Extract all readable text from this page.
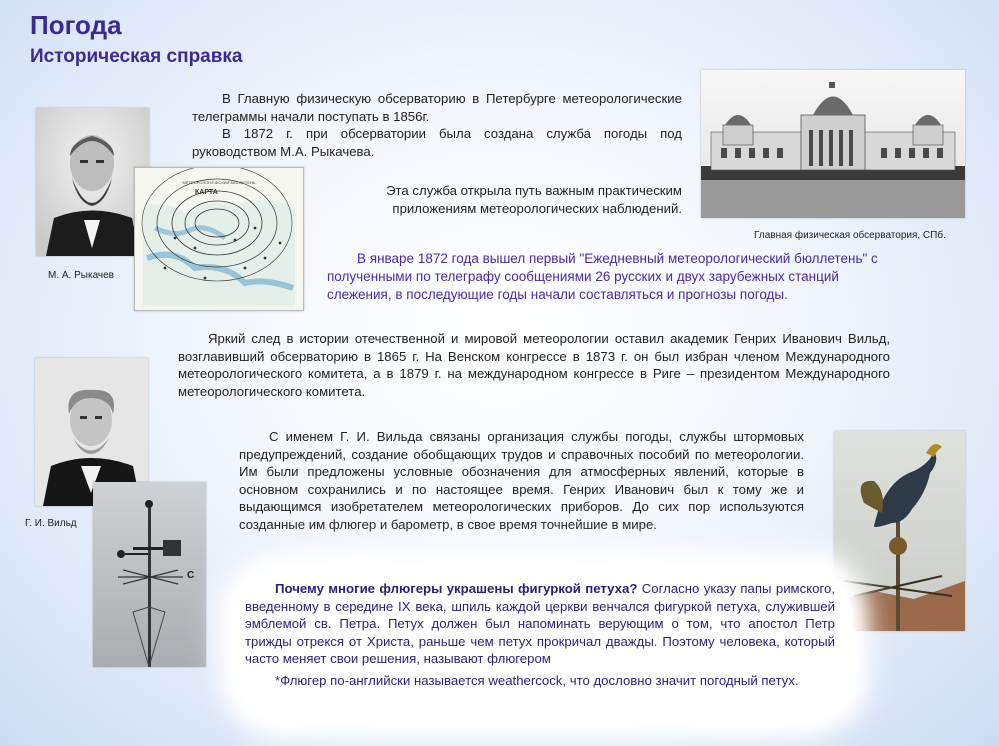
Погода
Историческая справка
М. А. Рыкачев
МЕТЕОРОЛОГИЧЕСКИЙ БЮЛЛЕТЕНЬ
КАРТА

В Главную физическую обсерваторию в Петербурге метеорологические телеграммы начали поступать в 1856г.

В 1872 г. при обсерватории была создана служба погоды под руководством М.А. Рыкачева.

Эта служба открыла путь важным практическим приложениям метеорологических наблюдений.
Главная физическая обсерватория, СПб.

В январе 1872 года вышел первый "Ежедневный метеорологический бюллетень" с полученными по телеграфу сообщениями 26 русских и двух зарубежных станций слежения, в последующие годы начали составляться и прогнозы погоды.

Яркий след в истории отечественной и мировой метеорологии оставил академик Генрих Иванович Вильд, возглавивший обсерваторию в 1865 г. На Венском конгрессе в 1873 г. он был избран членом Международного метеорологического комитета, а в 1879 г. на международном конгрессе в Риге – президентом Международного метеорологического комитета.

Г. И. Вильд
C

С именем Г. И. Вильда связаны организация службы погоды, службы штормовых предупреждений, создание обобщающих трудов и справочных пособий по метеорологии. Им были предложены условные обозначения для атмосферных явлений, которые в основном сохранились и по настоящее время. Генрих Иванович был к тому же и выдающимся изобретателем метеорологических приборов. До сих пор используются созданные им флюгер и барометр, в свое время точнейшие в мире.

Почему многие флюгеры украшены фигуркой петуха? Согласно указу папы римского, введенному в середине IX века, шпиль каждой церкви венчался фигуркой петуха, служившей эмблемой св. Петра. Петух должен был напоминать верующим о том, что апостол Петр трижды отрекся от Христа, раньше чем петух прокричал дважды. Поэтому человека, который часто меняет свои решения, называют флюгером

*Флюгер по-английски называется weathercock, что дословно значит погодный петух.
